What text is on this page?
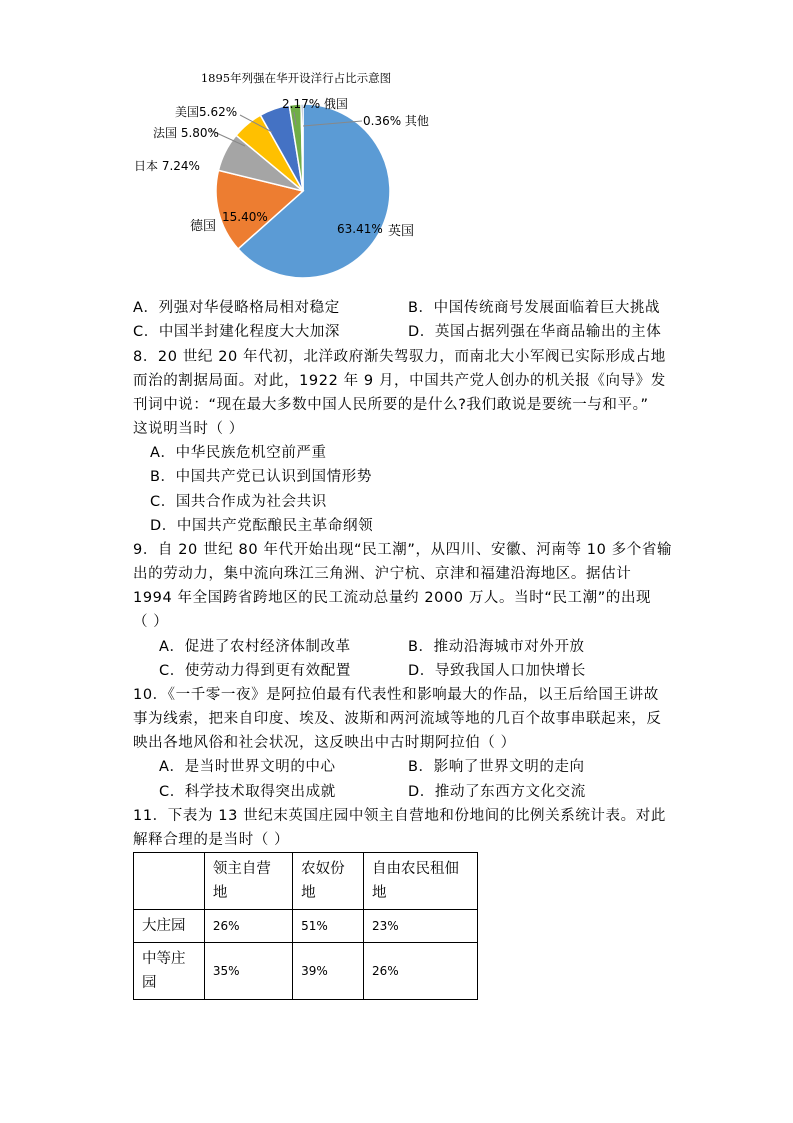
1895年列强在华开设洋行占比示意图
63.41% 英国
15.40%
德国
日本 7.24%
法国 5.80%
美国5.62%
2.17% 俄国
0.36% 其他
A．列强对华侵略格局相对稳定	B．中国传统商号发展面临着巨大挑战
C．中国半封建化程度大大加深	D．英国占据列强在华商品输出的主体
8．20 世纪 20 年代初，北洋政府渐失驾驭力，而南北大小军阀已实际形成占地
而治的割据局面。对此，1922 年 9 月，中国共产党人创办的机关报《向导》发
刊词中说：“现在最大多数中国人民所要的是什么?我们敢说是要统一与和平。”
这说明当时（ ）
A．中华民族危机空前严重
B．中国共产党已认识到国情形势
C．国共合作成为社会共识
D．中国共产党酝酿民主革命纲领
9．自 20 世纪 80 年代开始出现“民工潮”，从四川、安徽、河南等 10 多个省输
出的劳动力，集中流向珠江三角洲、沪宁杭、京津和福建沿海地区。据估计
1994 年全国跨省跨地区的民工流动总量约 2000 万人。当时“民工潮”的出现
（ ）
A．促进了农村经济体制改革	B．推动沿海城市对外开放
C．使劳动力得到更有效配置	D．导致我国人口加快增长
10．《一千零一夜》是阿拉伯最有代表性和影响最大的作品，以王后给国王讲故
事为线索，把来自印度、埃及、波斯和两河流域等地的几百个故事串联起来，反
映出各地风俗和社会状况，这反映出中古时期阿拉伯（ ）
A．是当时世界文明的中心	B．影响了世界文明的走向
C．科学技术取得突出成就	D．推动了东西方文化交流
11．下表为 13 世纪末英国庄园中领主自营地和份地间的比例关系统计表。对此
解释合理的是当时（ ）
	领主自营地	农奴份地	自由农民租佃地
大庄园	26%	51%	23%
中等庄园	35%	39%	26%
